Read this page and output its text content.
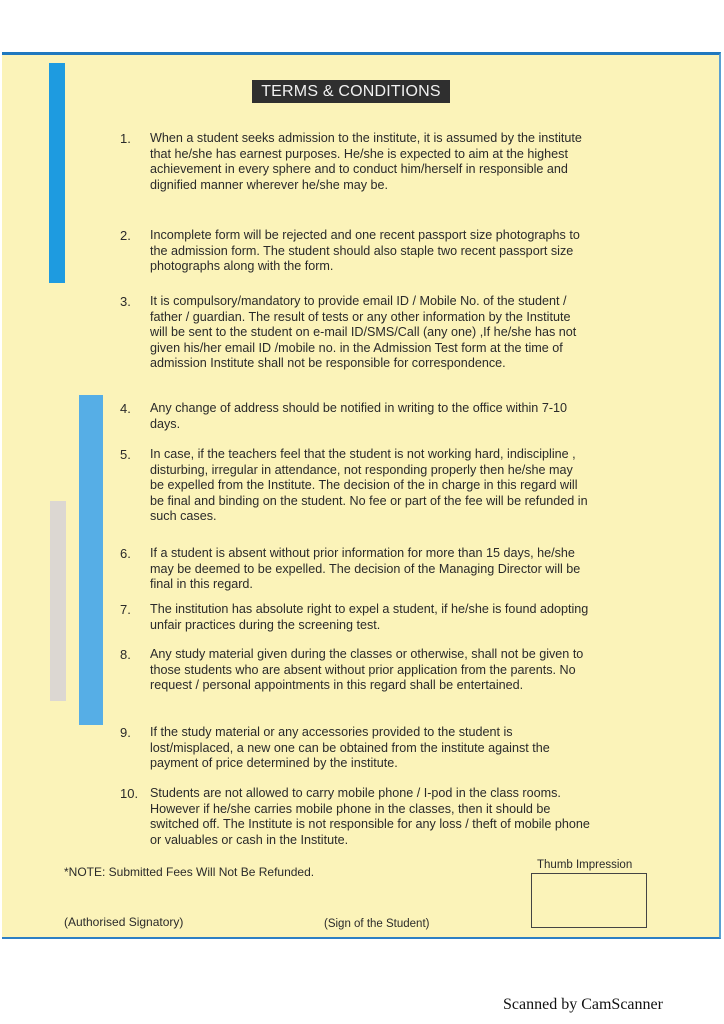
TERMS & CONDITIONS
1.	When a student seeks admission to the institute, it is assumed by the institute that he/she has earnest purposes. He/she is expected to aim at the highest achievement in every sphere and to conduct him/herself in responsible and dignified manner wherever he/she may be.
2.	Incomplete form will be rejected and one recent passport size photographs to the admission form. The student should also staple two recent passport size photographs along with the form.
3.	It is compulsory/mandatory to provide email ID / Mobile No. of the student / father / guardian. The result of tests or any other information by the Institute will be sent to the student on e-mail ID/SMS/Call (any one) ,If he/she has not given his/her email ID /mobile no. in the Admission Test form at the time of admission Institute shall not be responsible for correspondence.
4.	Any change of address should be notified in writing to the office within 7-10 days.
5.	In case, if the teachers feel that the student is not working hard, indiscipline , disturbing, irregular in attendance, not responding properly then he/she may be expelled from the Institute. The decision of the in charge in this regard will be final and binding on the student. No fee or part of the fee will be refunded in such cases.
6.	If a student is absent without prior information for more than 15 days, he/she may be deemed to be expelled. The decision of the Managing Director will be final in this regard.
7.	The institution has absolute right to expel a student, if he/she is found adopting unfair practices during the screening test.
8.	Any study material given during the classes or otherwise, shall not be given to those students who are absent without prior application from the parents. No request / personal appointments in this regard shall be entertained.
9.	If the study material or any accessories provided to the student is lost/misplaced, a new one can be obtained from the institute against the payment of price determined by the institute.
10. Students are not allowed to carry mobile phone / I-pod in the class rooms. However if he/she carries mobile phone in the classes, then it should be switched off. The Institute is not responsible for any loss / theft of mobile phone or valuables or cash in the Institute.
*NOTE: Submitted Fees Will Not Be Refunded.	Thumb Impression
(Authorised Signatory)	(Sign of the Student)
Scanned by CamScanner
